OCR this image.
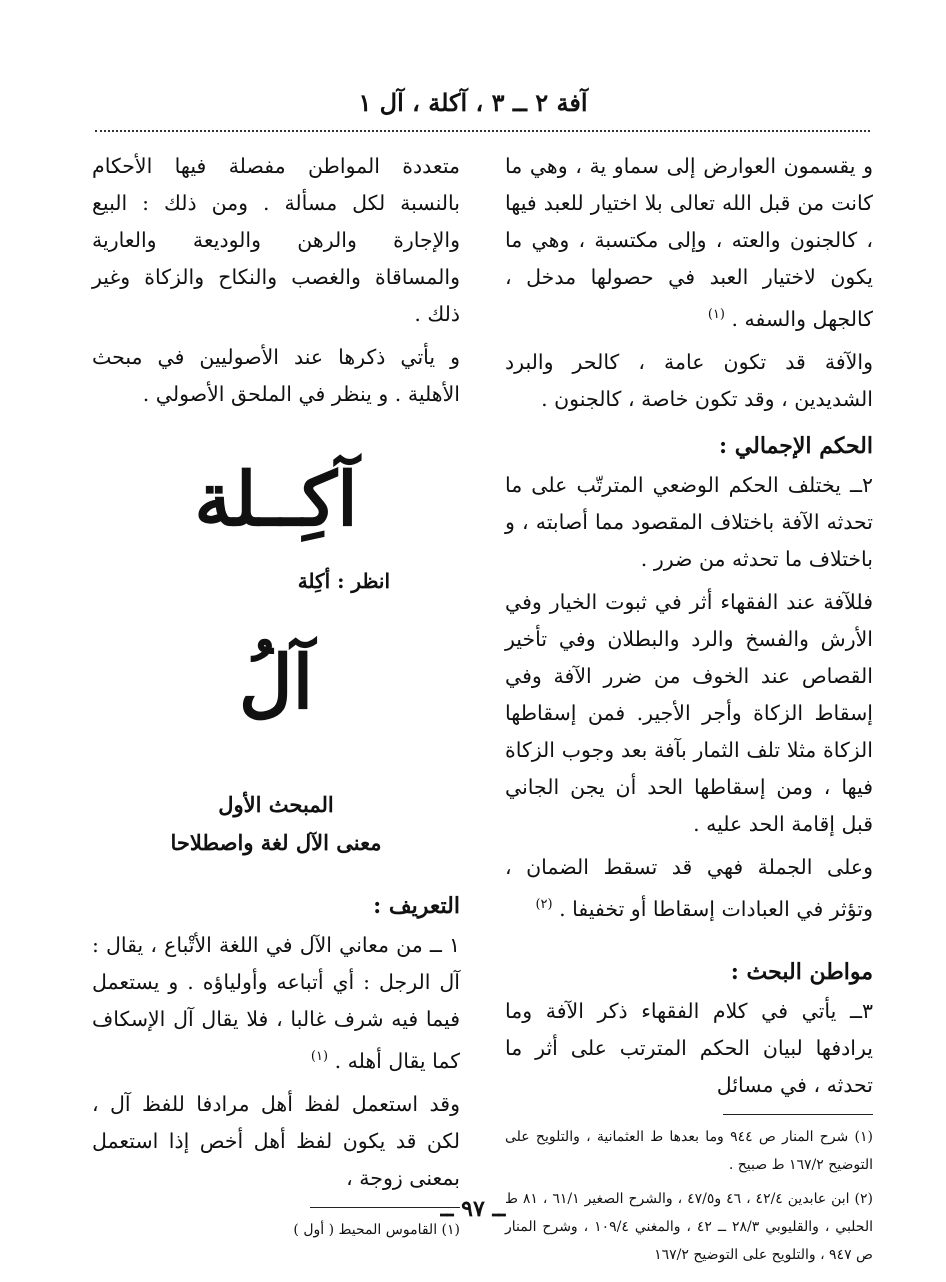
آفة ٢ ــ ٣ ، آكلة ، آل ١

و يقسمون العوارض إلى سماو ية ، وهي ما كانت من قبل الله تعالى بلا اختيار للعبد فيها ، كالجنون والعته ، وإلى مكتسبة ، وهي ما يكون لاختيار العبد في حصولها مدخل ، كالجهل والسفه . $^{(١)}$

والآفة قد تكون عامة ، كالحر والبرد الشديدين ، وقد تكون خاصة ، كالجنون .

الحكم الإجمالي :

٢ــ يختلف الحكم الوضعي المترتّب على ما تحدثه الآفة باختلاف المقصود مما أصابته ، و باختلاف ما تحدثه من ضرر .

فللآفة عند الفقهاء أثر في ثبوت الخيار وفي الأرش والفسخ والرد والبطلان وفي تأخير القصاص عند الخوف من ضرر الآفة وفي إسقاط الزكاة وأجر الأجير. فمن إسقاطها الزكاة مثلا تلف الثمار بآفة بعد وجوب الزكاة فيها ، ومن إسقاطها الحد أن يجن الجاني قبل إقامة الحد عليه .

وعلى الجملة فهي قد تسقط الضمان ، وتؤثر في العبادات إسقاطا أو تخفيفا . $^{(٢)}$

مواطن البحث :

٣ــ يأتي في كلام الفقهاء ذكر الآفة وما يرادفها لبيان الحكم المترتب على أثر ما تحدثه ، في مسائل

(١) شرح المنار ص ٩٤٤ وما بعدها ط العثمانية ، والتلويح على التوضيح ١٦٧/٢ ط صبيح .

(٢) ابن عابدين ٤٢/٤ ، ٤٦ و٤٧/٥ ، والشرح الصغير ٦١/١ ، ٨١ ط الحلبي ، والقليوبي ٢٨/٣ ــ ٤٢ ، والمغني ١٠٩/٤ ، وشرح المنار ص ٩٤٧ ، والتلويح على التوضيح ١٦٧/٢

متعددة المواطن مفصلة فيها الأحكام بالنسبة لكل مسألة . ومن ذلك : البيع والإجارة والرهن والوديعة والعارية والمساقاة والغصب والنكاح والزكاة وغير ذلك .

و يأتي ذكرها عند الأصوليين في مبحث الأهلية . و ينظر في الملحق الأصولي .

آكِــلة
انظر : أكِلة
آلُ
المبحث الأول
معنى الآل لغة واصطلاحا
التعريف :

١ ــ من معاني الآل في اللغة الأتْباع ، يقال : آل الرجل : أي أتباعه وأولياؤه . و يستعمل فيما فيه شرف غالبا ، فلا يقال آل الإسكاف كما يقال أهله . $^{(١)}$

وقد استعمل لفظ أهل مرادفا للفظ آل ، لكن قد يكون لفظ أهل أخص إذا استعمل بمعنى زوجة ،

(١) القاموس المحيط ( أول )

ــ ٩٧ ــ
